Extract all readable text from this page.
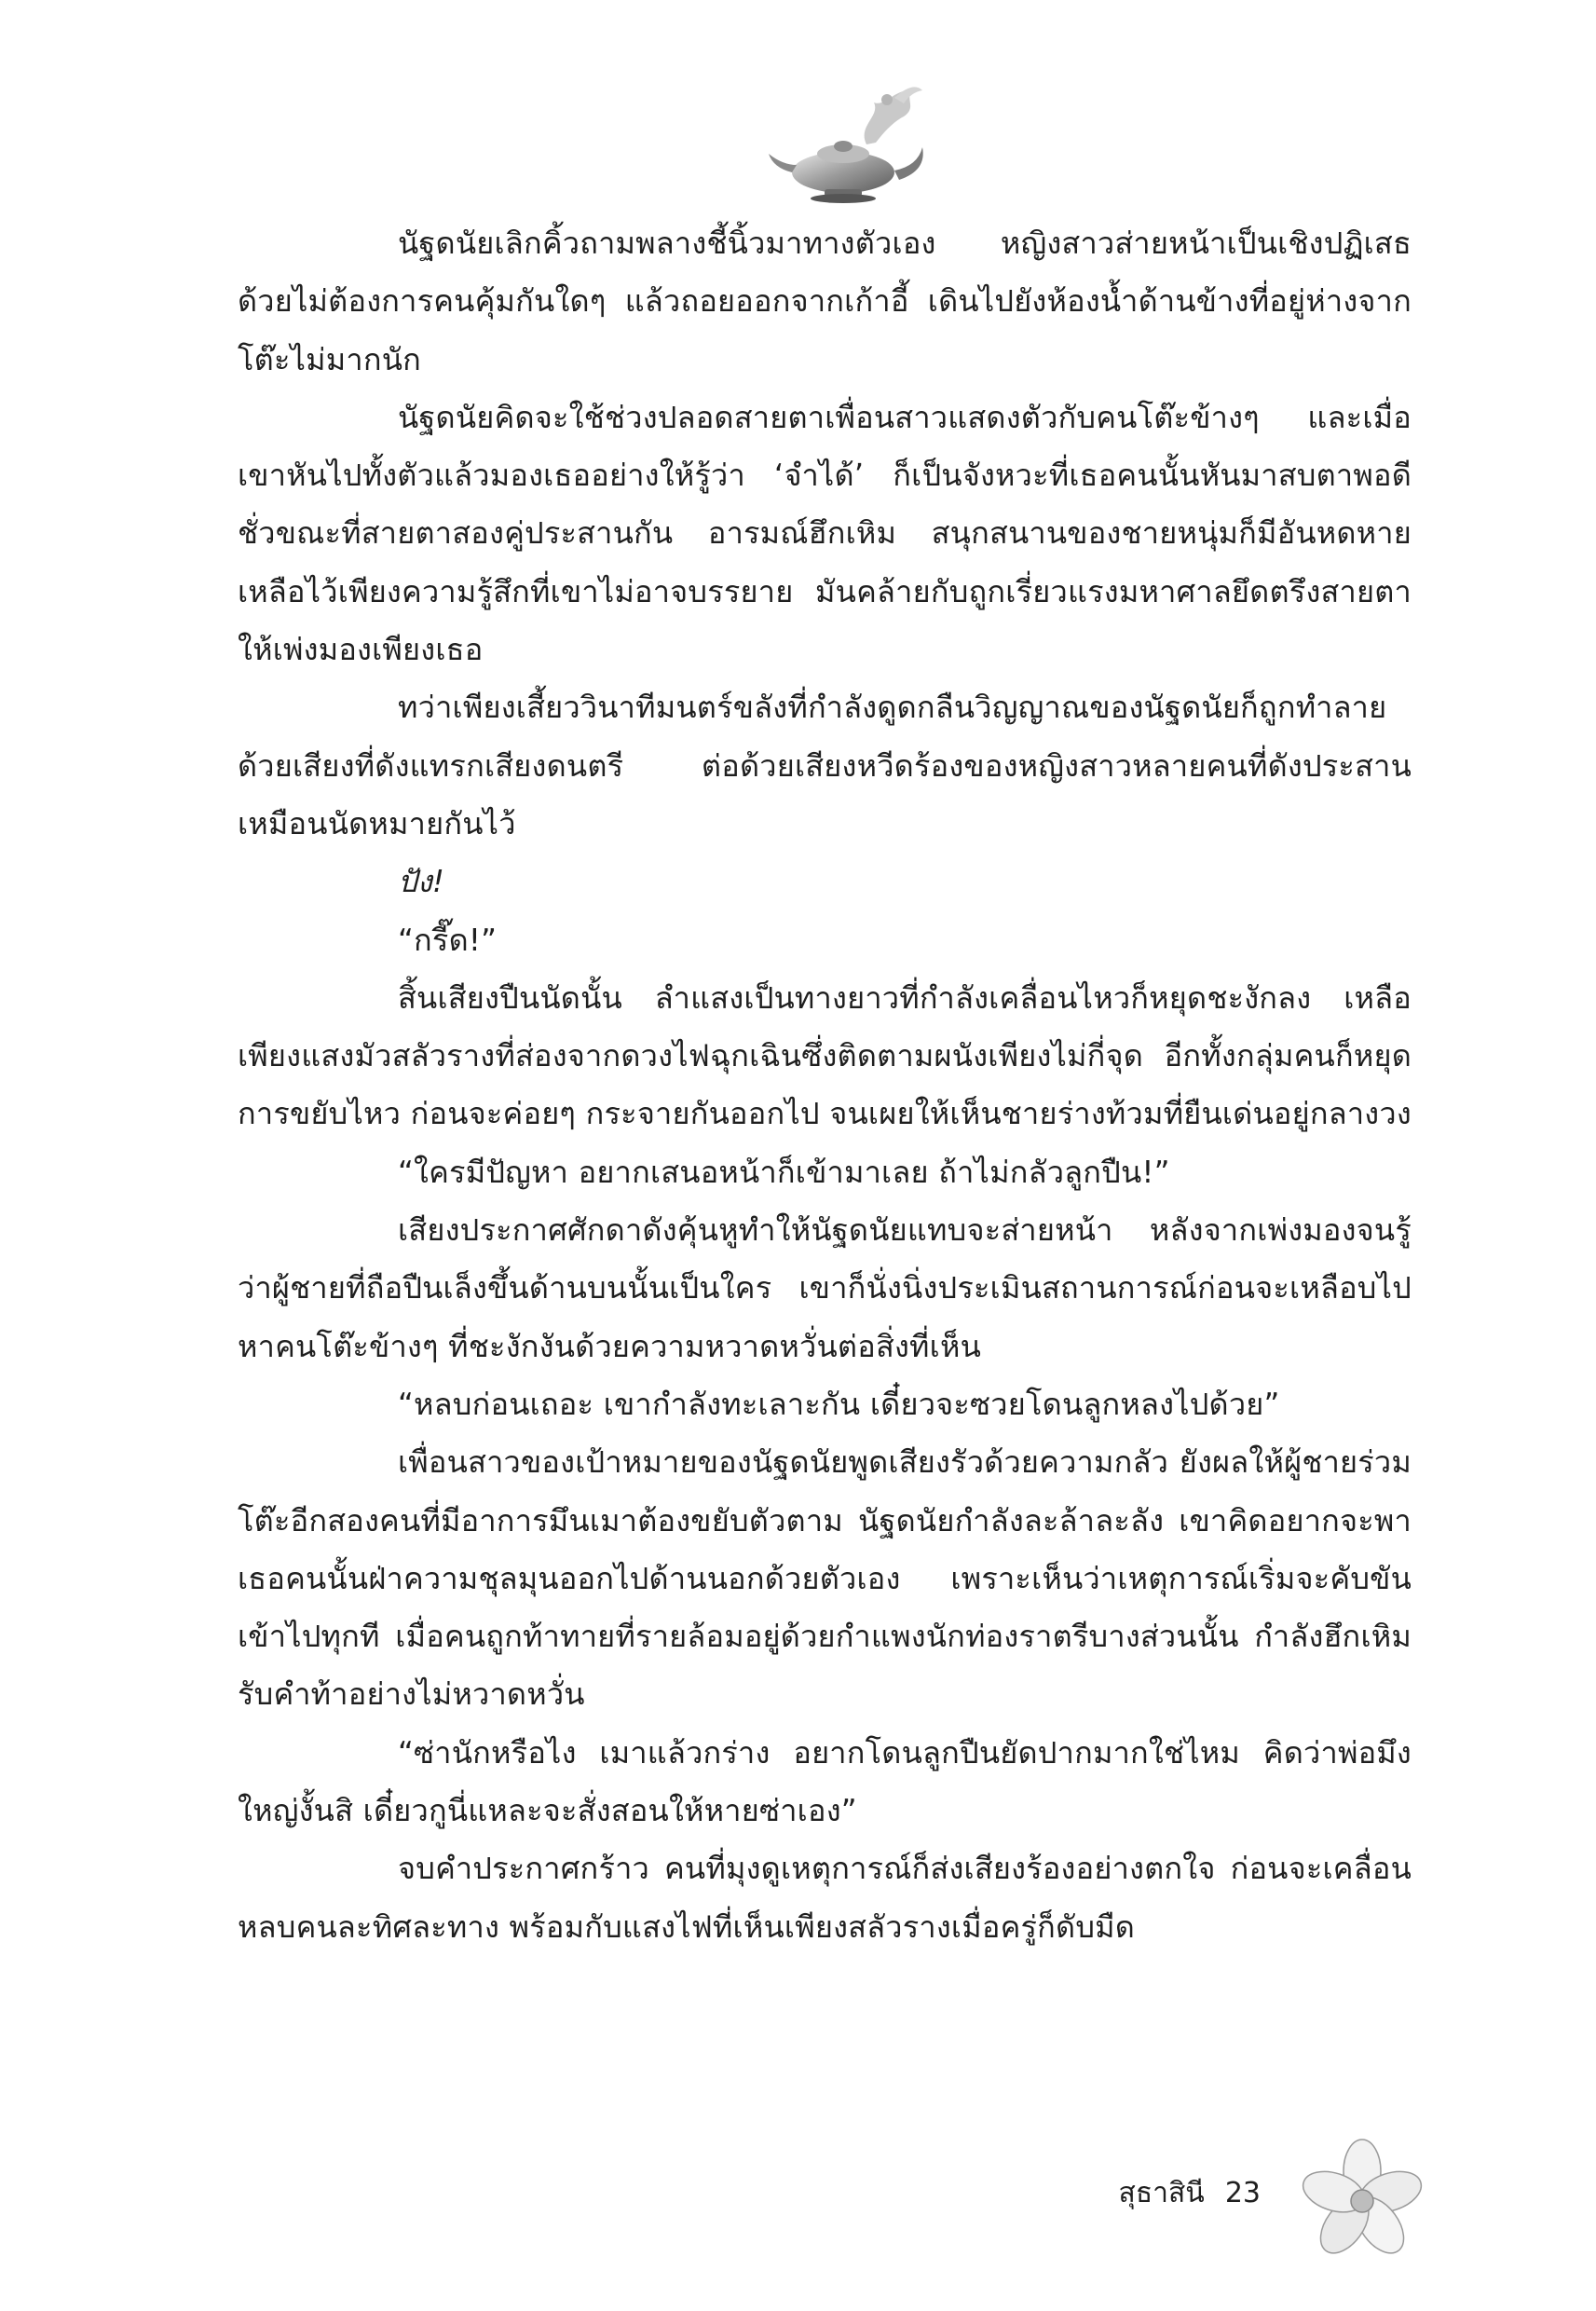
นัฐดนัยเลิกคิ้วถามพลางชี้นิ้วมาทางตัวเอง หญิงสาวส่ายหน้าเป็นเชิงปฏิเสธ ด้วยไม่ต้องการคนคุ้มกันใดๆ แล้วถอยออกจากเก้าอี้ เดินไปยังห้องน้ำด้านข้างที่อยู่ห่างจากโต๊ะไม่มากนัก

นัฐดนัยคิดจะใช้ช่วงปลอดสายตาเพื่อนสาวแสดงตัวกับคนโต๊ะข้างๆ และเมื่อเขาหันไปทั้งตัวแล้วมองเธออย่างให้รู้ว่า ‘จำได้’ ก็เป็นจังหวะที่เธอคนนั้นหันมาสบตาพอดี ชั่วขณะที่สายตาสองคู่ประสานกัน อารมณ์ฮึกเหิม สนุกสนานของชายหนุ่มก็มีอันหดหาย เหลือไว้เพียงความรู้สึกที่เขาไม่อาจบรรยาย มันคล้ายกับถูกเรี่ยวแรงมหาศาลยึดตรึงสายตาให้เพ่งมองเพียงเธอ

ทว่าเพียงเสี้ยววินาทีมนตร์ขลังที่กำลังดูดกลืนวิญญาณของนัฐดนัยก็ถูกทำลายด้วยเสียงที่ดังแทรกเสียงดนตรี ต่อด้วยเสียงหวีดร้องของหญิงสาวหลายคนที่ดังประสานเหมือนนัดหมายกันไว้

ปัง!

“กรี๊ด!”

สิ้นเสียงปืนนัดนั้น ลำแสงเป็นทางยาวที่กำลังเคลื่อนไหวก็หยุดชะงักลง เหลือเพียงแสงมัวสลัวรางที่ส่องจากดวงไฟฉุกเฉินซึ่งติดตามผนังเพียงไม่กี่จุด อีกทั้งกลุ่มคนก็หยุดการขยับไหว ก่อนจะค่อยๆ กระจายกันออกไป จนเผยให้เห็นชายร่างท้วมที่ยืนเด่นอยู่กลางวง

“ใครมีปัญหา อยากเสนอหน้าก็เข้ามาเลย ถ้าไม่กลัวลูกปืน!”

เสียงประกาศศักดาดังคุ้นหูทำให้นัฐดนัยแทบจะส่ายหน้า หลังจากเพ่งมองจนรู้ว่าผู้ชายที่ถือปืนเล็งขึ้นด้านบนนั้นเป็นใคร เขาก็นั่งนิ่งประเมินสถานการณ์ก่อนจะเหลือบไปหาคนโต๊ะข้างๆ ที่ชะงักงันด้วยความหวาดหวั่นต่อสิ่งที่เห็น

“หลบก่อนเถอะ เขากำลังทะเลาะกัน เดี๋ยวจะซวยโดนลูกหลงไปด้วย”

เพื่อนสาวของเป้าหมายของนัฐดนัยพูดเสียงรัวด้วยความกลัว ยังผลให้ผู้ชายร่วมโต๊ะอีกสองคนที่มีอาการมึนเมาต้องขยับตัวตาม นัฐดนัยกำลังละล้าละลัง เขาคิดอยากจะพาเธอคนนั้นฝ่าความชุลมุนออกไปด้านนอกด้วยตัวเอง เพราะเห็นว่าเหตุการณ์เริ่มจะคับขันเข้าไปทุกที เมื่อคนถูกท้าทายที่รายล้อมอยู่ด้วยกำแพงนักท่องราตรีบางส่วนนั้น กำลังฮึกเหิมรับคำท้าอย่างไม่หวาดหวั่น

“ซ่านักหรือไง เมาแล้วกร่าง อยากโดนลูกปืนยัดปากมากใช่ไหม คิดว่าพ่อมึงใหญ่งั้นสิ เดี๋ยวกูนี่แหละจะสั่งสอนให้หายซ่าเอง”

จบคำประกาศกร้าว คนที่มุงดูเหตุการณ์ก็ส่งเสียงร้องอย่างตกใจ ก่อนจะเคลื่อนหลบคนละทิศละทาง พร้อมกับแสงไฟที่เห็นเพียงสลัวรางเมื่อครู่ก็ดับมืด

สุธาสินี 23
